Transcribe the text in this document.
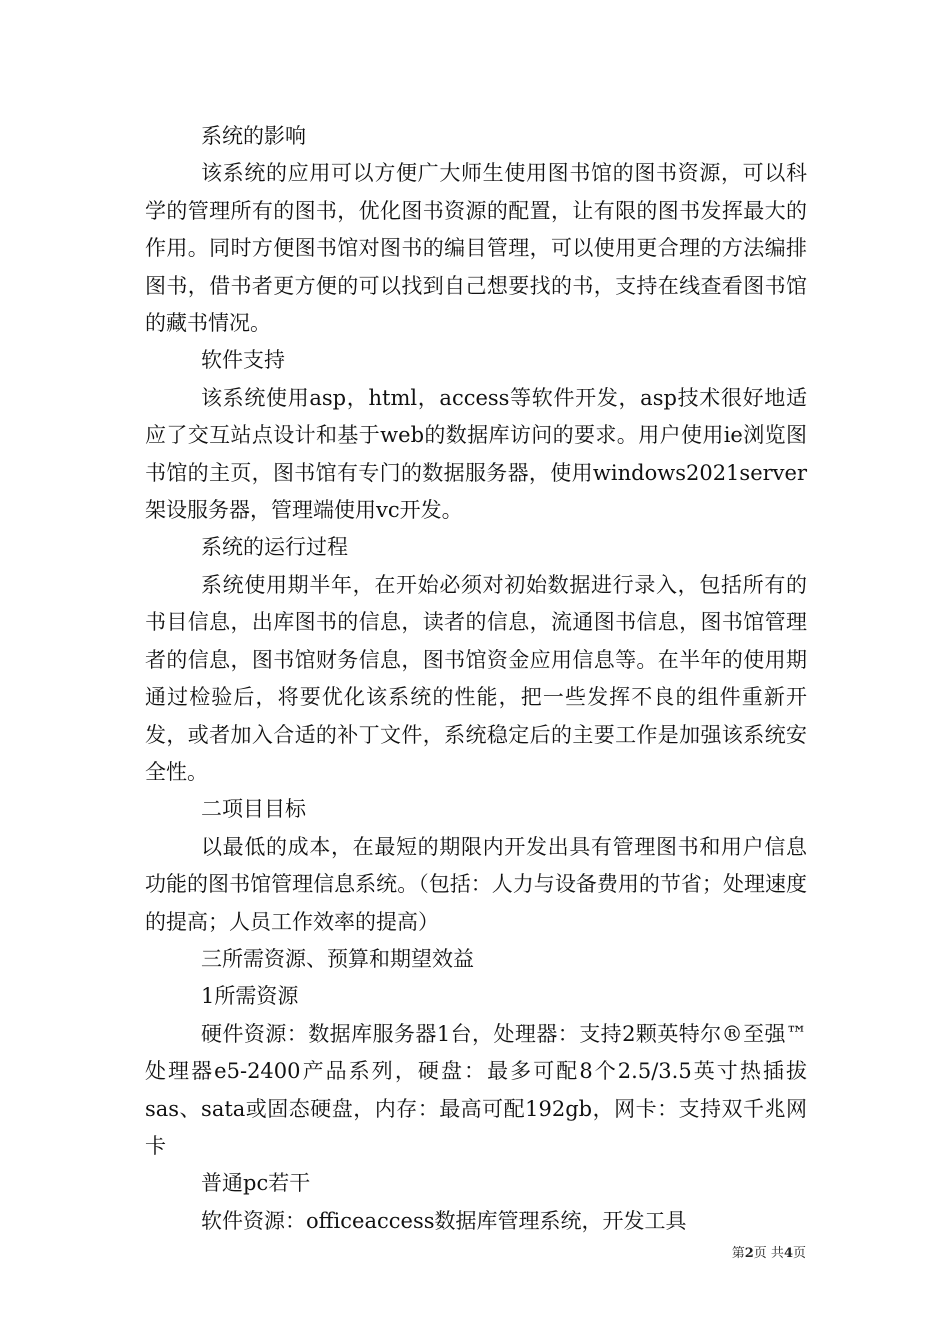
系统的影响

该系统的应用可以方便广大师生使用图书馆的图书资源，可以科学的管理所有的图书，优化图书资源的配置，让有限的图书发挥最大的作用。同时方便图书馆对图书的编目管理，可以使用更合理的方法编排图书，借书者更方便的可以找到自己想要找的书，支持在线查看图书馆的藏书情况。

软件支持

该系统使用asp，html，access等软件开发，asp技术很好地适应了交互站点设计和基于web的数据库访问的要求。用户使用ie浏览图书馆的主页，图书馆有专门的数据服务器，使用windows2021server架设服务器，管理端使用vc开发。

系统的运行过程

系统使用期半年，在开始必须对初始数据进行录入，包括所有的书目信息，出库图书的信息，读者的信息，流通图书信息，图书馆管理者的信息，图书馆财务信息，图书馆资金应用信息等。在半年的使用期通过检验后，将要优化该系统的性能，把一些发挥不良的组件重新开发，或者加入合适的补丁文件，系统稳定后的主要工作是加强该系统安全性。

二项目目标

以最低的成本，在最短的期限内开发出具有管理图书和用户信息功能的图书馆管理信息系统。（包括：人力与设备费用的节省；处理速度的提高；人员工作效率的提高）

三所需资源、预算和期望效益

1所需资源

硬件资源：数据库服务器1台，处理器：支持2颗英特尔®至强™处理器e5-2400产品系列，硬盘：最多可配8个2.5/3.5英寸热插拔sas、sata或固态硬盘，内存：最高可配192gb，网卡：支持双千兆网卡

普通pc若干

软件资源：officeaccess数据库管理系统，开发工具

第2页 共4页
